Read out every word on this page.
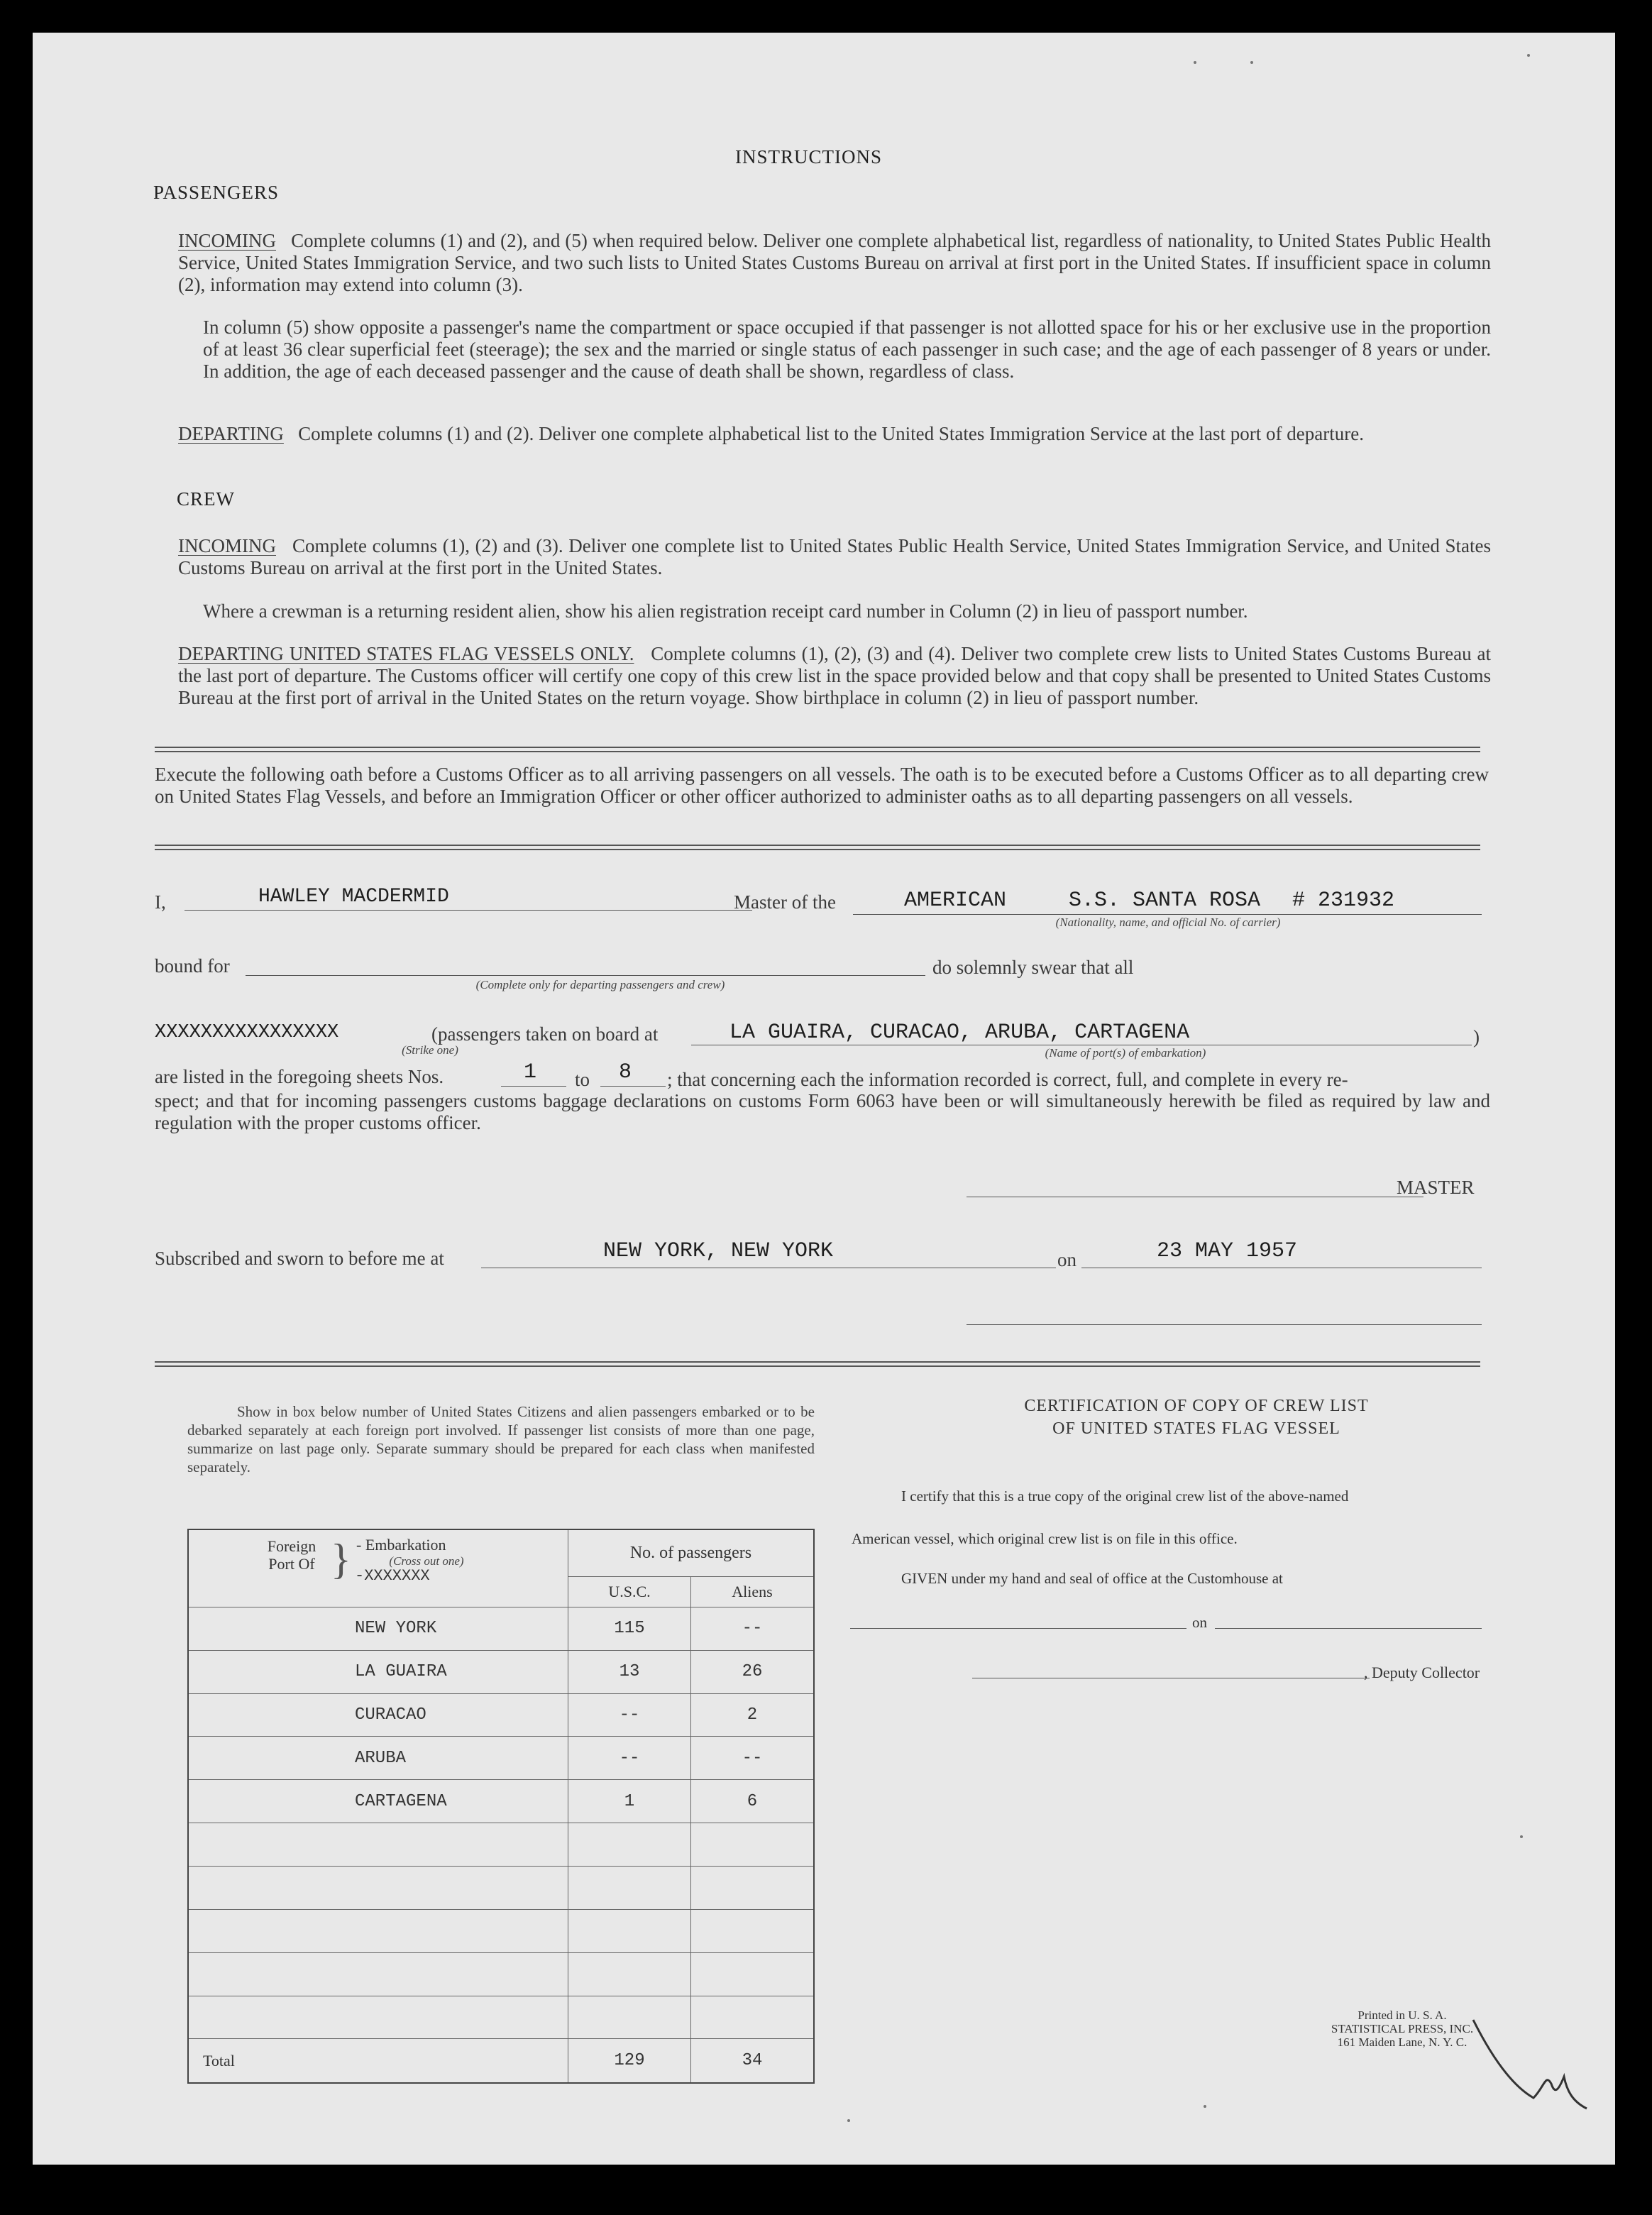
INSTRUCTIONS
PASSENGERS
INCOMING Complete columns (1) and (2), and (5) when required below. Deliver one complete alphabetical list, regardless of nationality, to United States Public Health Service, United States Immigration Service, and two such lists to United States Customs Bureau on arrival at first port in the United States. If insufficient space in column (2), information may extend into column (3).
In column (5) show opposite a passenger's name the compartment or space occupied if that passenger is not allotted space for his or her exclusive use in the proportion of at least 36 clear superficial feet (steerage); the sex and the married or single status of each passenger in such case; and the age of each passenger of 8 years or under. In addition, the age of each deceased passenger and the cause of death shall be shown, regardless of class.
DEPARTING Complete columns (1) and (2). Deliver one complete alphabetical list to the United States Immigration Service at the last port of departure.
CREW
INCOMING Complete columns (1), (2) and (3). Deliver one complete list to United States Public Health Service, United States Immigration Service, and United States Customs Bureau on arrival at the first port in the United States.
Where a crewman is a returning resident alien, show his alien registration receipt card number in Column (2) in lieu of passport number.
DEPARTING UNITED STATES FLAG VESSELS ONLY. Complete columns (1), (2), (3) and (4). Deliver two complete crew lists to United States Customs Bureau at the last port of departure. The Customs officer will certify one copy of this crew list in the space provided below and that copy shall be presented to United States Customs Bureau at the first port of arrival in the United States on the return voyage. Show birthplace in column (2) in lieu of passport number.
Execute the following oath before a Customs Officer as to all arriving passengers on all vessels. The oath is to be executed before a Customs Officer as to all departing crew on United States Flag Vessels, and before an Immigration Officer or other officer authorized to administer oaths as to all departing passengers on all vessels.
I,	HAWLEY MACDERMID	Master of the	AMERICAN	S.S. SANTA ROSA # 231932
(Nationality, name, and official No. of carrier)
bound for
(Complete only for departing passengers and crew)
do solemnly swear that all
XXXXXXXXXXXXXXXX
(Strike one)
(passengers taken on board at	LA GUAIRA, CURACAO, ARUBA, CARTAGENA
(Name of port(s) of embarkation)
)
are listed in the foregoing sheets Nos.	1 to 8 ; that concerning each the information recorded is correct, full, and complete in every re-
spect; and that for incoming passengers customs baggage declarations on customs Form 6063 have been or will simultaneously herewith be filed as required by law and regulation with the proper customs officer.
MASTER
Subscribed and sworn to before me at	NEW YORK, NEW YORK	on	23 MAY 1957
Show in box below number of United States Citizens and alien passengers embarked or to be debarked separately at each foreign port involved. If passenger list consists of more than one page, summarize on last page only. Separate summary should be prepared for each class when manifested separately.
Foreign Port Of } - Embarkation
(Cross out one)
-XXXXXXX	No. of passengers	
	U.S.C.	Aliens
NEW YORK	115	--
LA GUAIRA	13	26
CURACAO	--	2
ARUBA	--	--
CARTAGENA	1	6

Total	129	34
CERTIFICATION OF COPY OF CREW LIST
OF UNITED STATES FLAG VESSEL
I certify that this is a true copy of the original crew list of the above-named
American vessel, which original crew list is on file in this office.
GIVEN under my hand and seal of office at the Customhouse at
on
, Deputy Collector
Printed in U. S. A.
STATISTICAL PRESS, INC.
161 Maiden Lane, N. Y. C.
